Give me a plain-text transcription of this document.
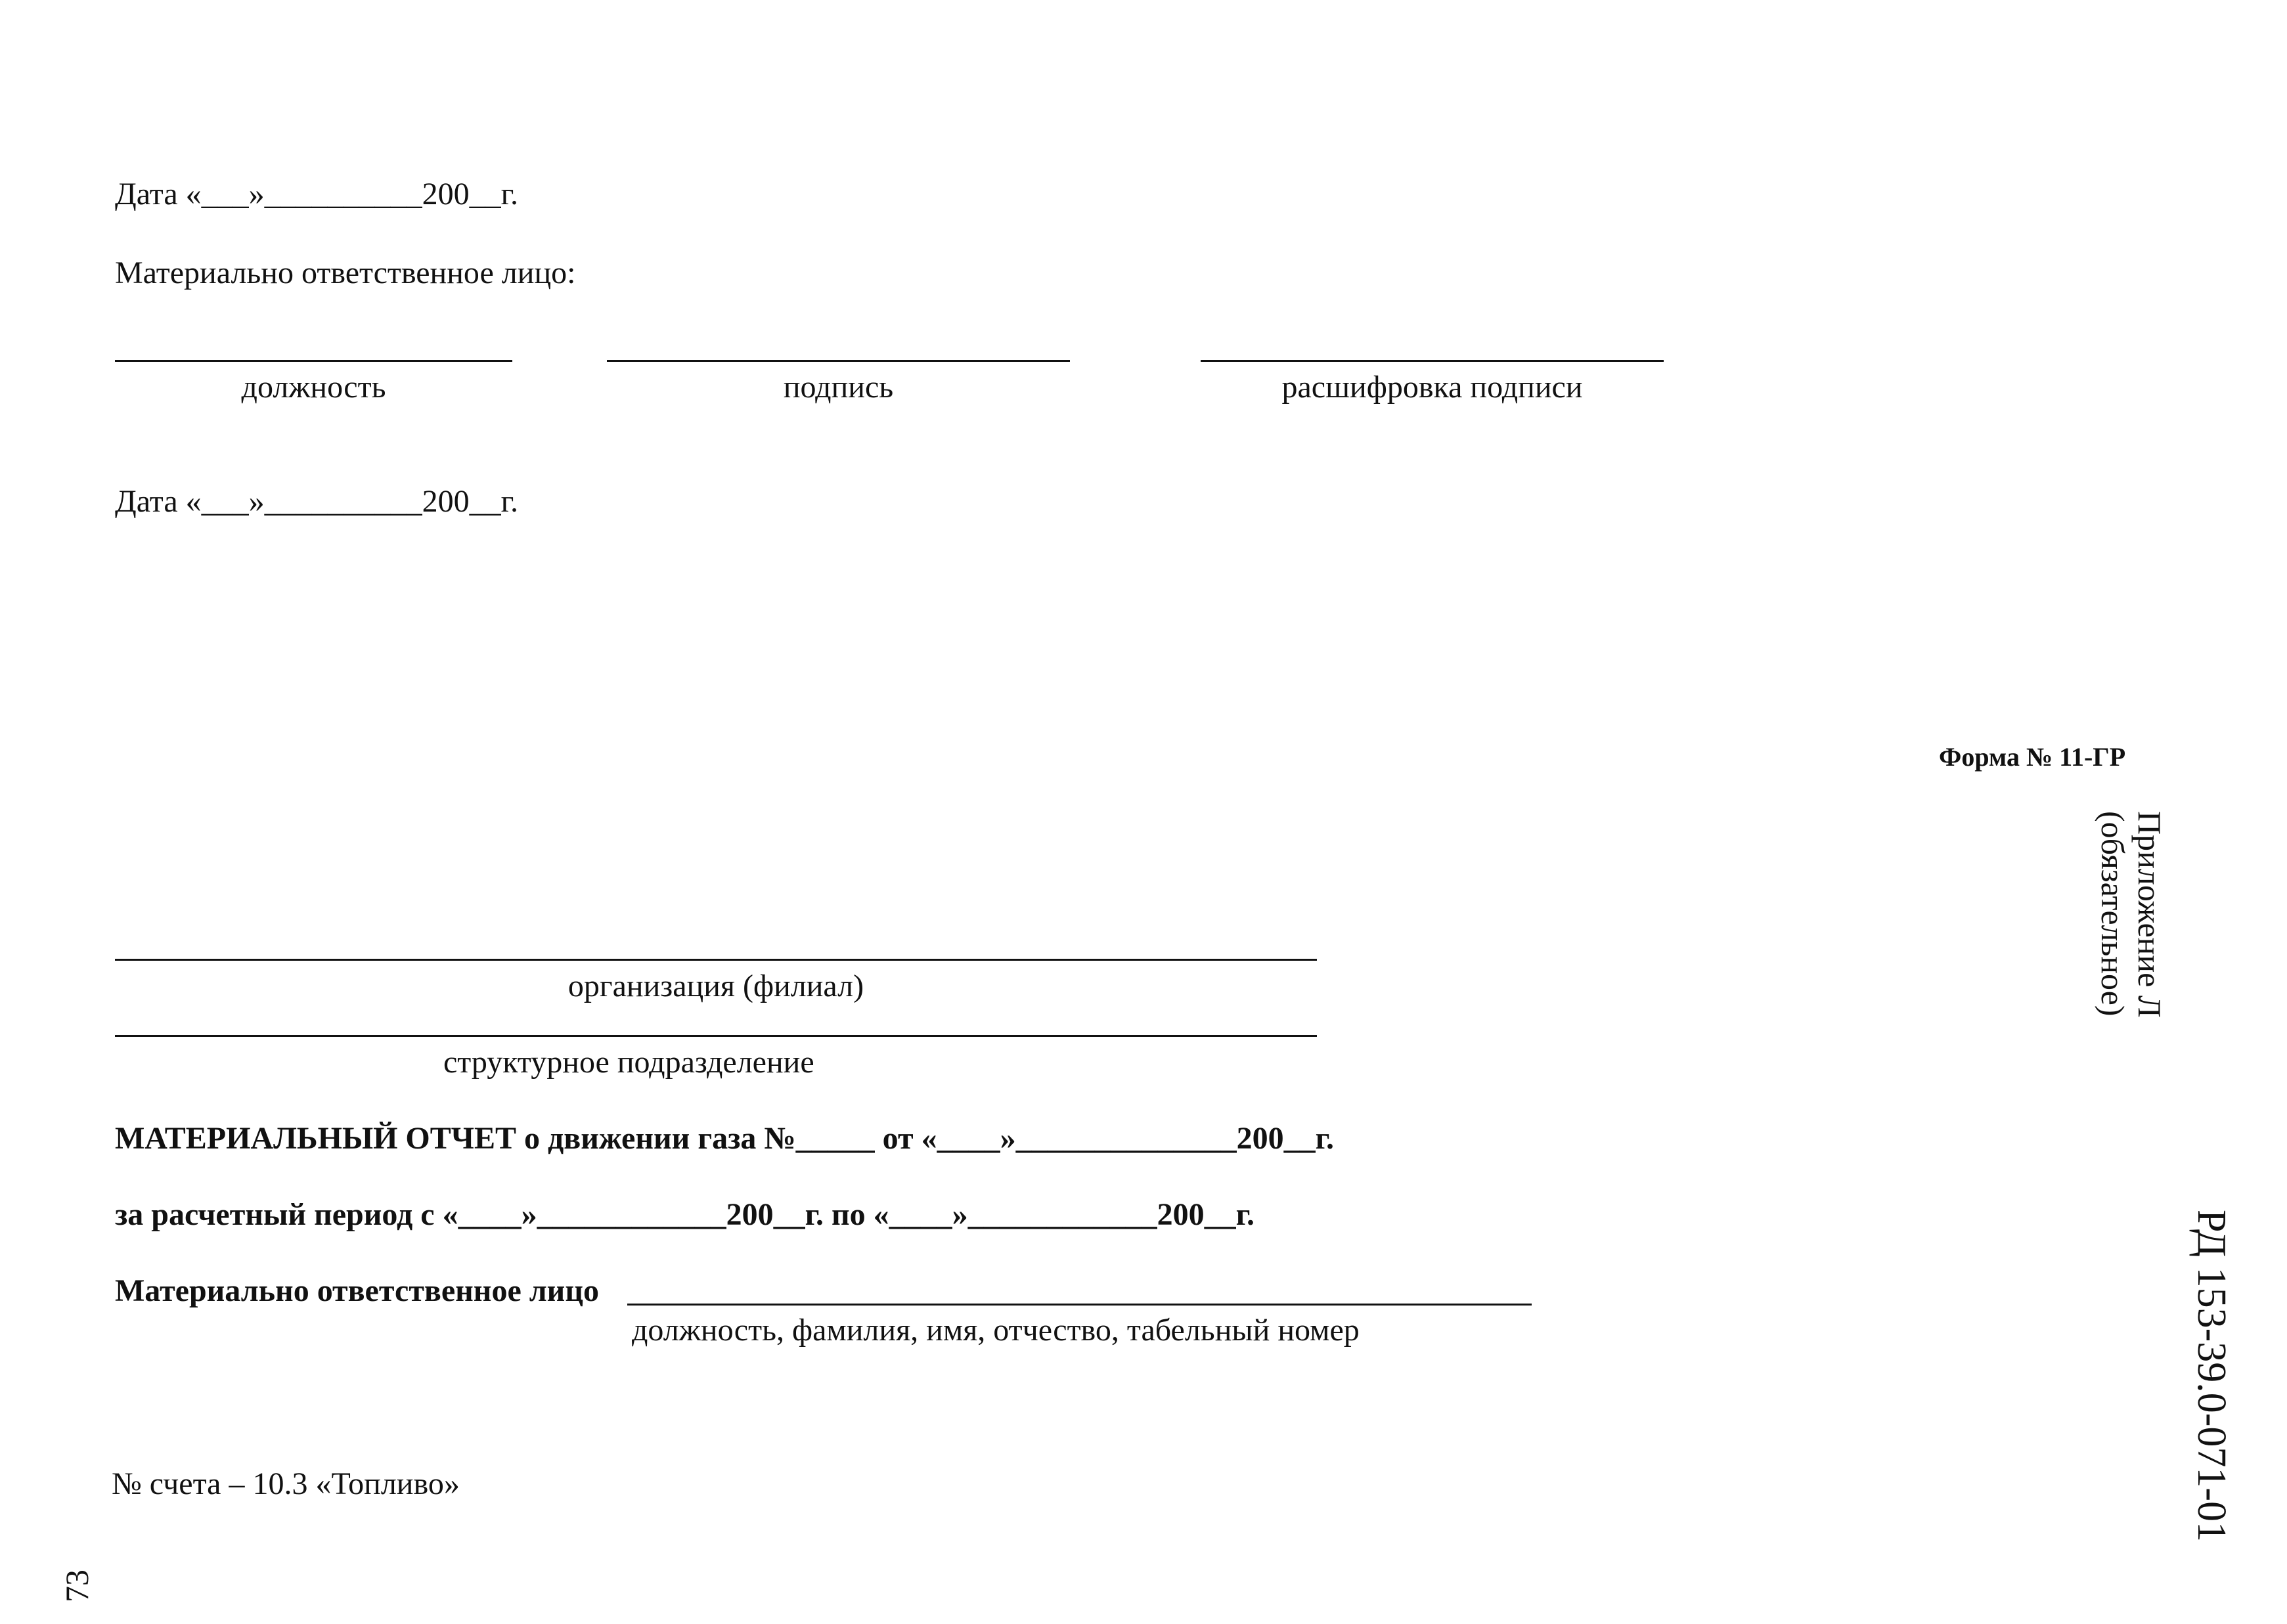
Дата «___»__________200__г.
Материально ответственное лицо:
должность	подпись	расшифровка подписи
Дата «___»__________200__г.
Форма № 11-ГР
Приложение Л
(обязательное)
РД 153-39.0-071-01
организация (филиал)
структурное подразделение
МАТЕРИАЛЬНЫЙ ОТЧЕТ о движении газа №_____ от «____»______________200__г.
за расчетный период с «____»____________200__г. по «____»____________200__г.
Материально ответственное лицо
должность, фамилия, имя, отчество, табельный номер
№ счета – 10.3 «Топливо»
73
